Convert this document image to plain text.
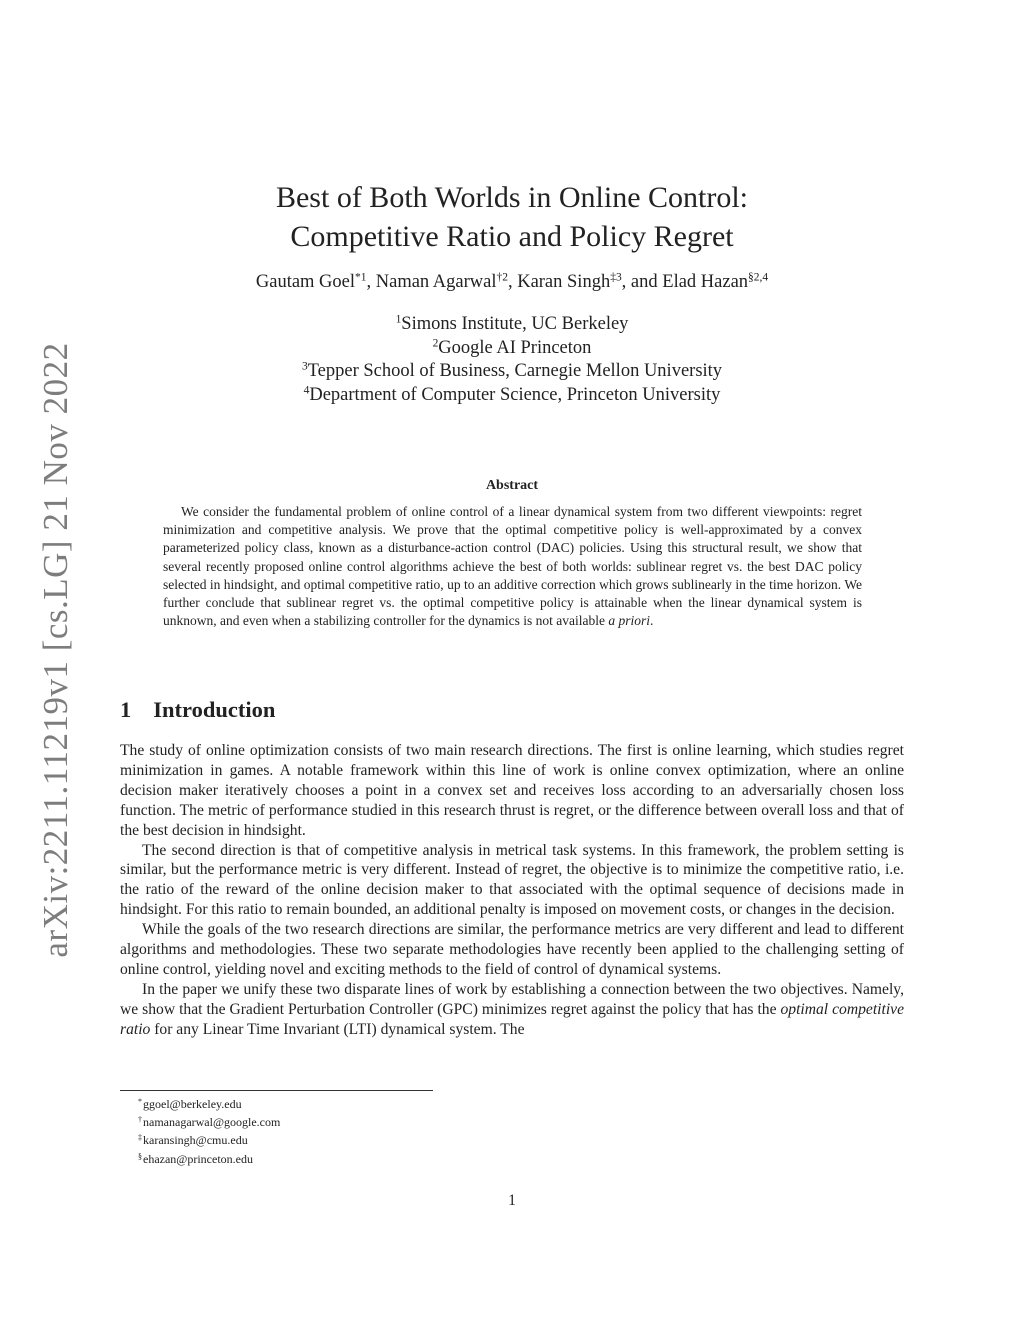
arXiv:2211.11219v1 [cs.LG] 21 Nov 2022
Best of Both Worlds in Online Control:
Competitive Ratio and Policy Regret
Gautam Goel$^{*1}$, Naman Agarwal$^{\dagger 2}$, Karan Singh$^{\ddagger 3}$, and Elad Hazan$^{\S 2,4}$
$^1$Simons Institute, UC Berkeley
$^2$Google AI Princeton
$^3$Tepper School of Business, Carnegie Mellon University
$^4$Department of Computer Science, Princeton University
Abstract

We consider the fundamental problem of online control of a linear dynamical system from two different viewpoints: regret minimization and competitive analysis. We prove that the optimal competitive policy is well-approximated by a convex parameterized policy class, known as a disturbance-action control (DAC) policies. Using this structural result, we show that several recently proposed online control algorithms achieve the best of both worlds: sublinear regret vs. the best DAC policy selected in hindsight, and optimal competitive ratio, up to an additive correction which grows sublinearly in the time horizon. We further conclude that sublinear regret vs. the optimal competitive policy is attainable when the linear dynamical system is unknown, and even when a stabilizing controller for the dynamics is not available a priori.

1 Introduction

The study of online optimization consists of two main research directions. The first is online learning, which studies regret minimization in games. A notable framework within this line of work is online convex optimization, where an online decision maker iteratively chooses a point in a convex set and receives loss according to an adversarially chosen loss function. The metric of performance studied in this research thrust is regret, or the difference between overall loss and that of the best decision in hindsight.

The second direction is that of competitive analysis in metrical task systems. In this framework, the problem setting is similar, but the performance metric is very different. Instead of regret, the objective is to minimize the competitive ratio, i.e. the ratio of the reward of the online decision maker to that associated with the optimal sequence of decisions made in hindsight. For this ratio to remain bounded, an additional penalty is imposed on movement costs, or changes in the decision.

While the goals of the two research directions are similar, the performance metrics are very different and lead to different algorithms and methodologies. These two separate methodologies have recently been applied to the challenging setting of online control, yielding novel and exciting methods to the field of control of dynamical systems.

In the paper we unify these two disparate lines of work by establishing a connection between the two objectives. Namely, we show that the Gradient Perturbation Controller (GPC) minimizes regret against the policy that has the optimal competitive ratio for any Linear Time Invariant (LTI) dynamical system. The

*ggoel@berkeley.edu
†namanagarwal@google.com
‡karansingh@cmu.edu
§ehazan@princeton.edu
1
